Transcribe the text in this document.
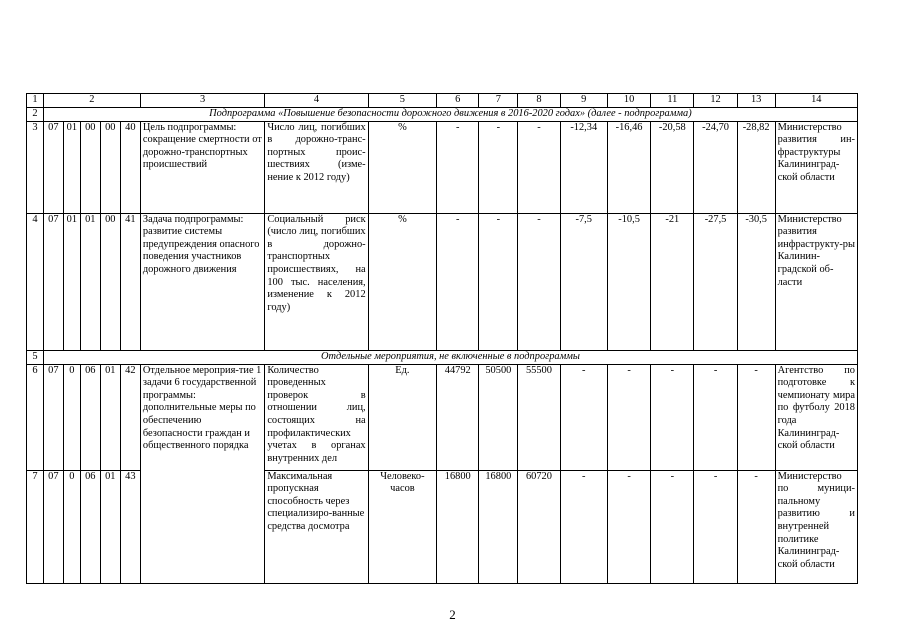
1	2					3	4	5	6	7	8	9	10	11	12	13	14
2	Подпрограмма «Повышение безопасности дорожного движения в 2016-2020 годах» (далее - подпрограмма)																
3	07	01	00	00	40	Цель подпрограммы: сокращение смертности от дорожно-транспортных происшествий	Число лиц, погибших в дорожно-транс-портных проис-шествиях (изме-нение к 2012 году)	%	-	-	-	-12,34	-16,46	-20,58	-24,70	-28,82	Министерство развития ин-фраструктуры Калининград-ской области
4	07	01	01	00	41	Задача подпрограммы: развитие системы предупреждения опасного поведения участников дорожного движения	Социальный риск (число лиц, погибших в дорожно-транспортных происшествиях, на 100 тыс. населения, изменение к 2012 году)	%	-	-	-	-7,5	-10,5	-21	-27,5	-30,5	Министерство развития инфраструкту-ры Калинин-градской об-ласти
5	Отдельные мероприятия, не включенные в подпрограммы																
6	07	0	06	01	42	Отдельное мероприя-тие 1 задачи 6 государственной программы: дополнительные меры по обеспечению безопасности граждан и общественного порядка	Количество проведенных проверок в отношении лиц, состоящих на профилактических учетах в органах внутренних дел	Ед.	44792	50500	55500	-	-	-	-	-	Агентство по подготовке к чемпионату мира по футболу 2018 года Калининград-ской области
7	07	0	06	01	43		Максимальная пропускная способность через специализиро-ванные средства досмотра	Человеко-часов	16800	16800	60720	-	-	-	-	-	Министерство по муници-пальному развитию и внутренней политике Калининград-ской области
2
